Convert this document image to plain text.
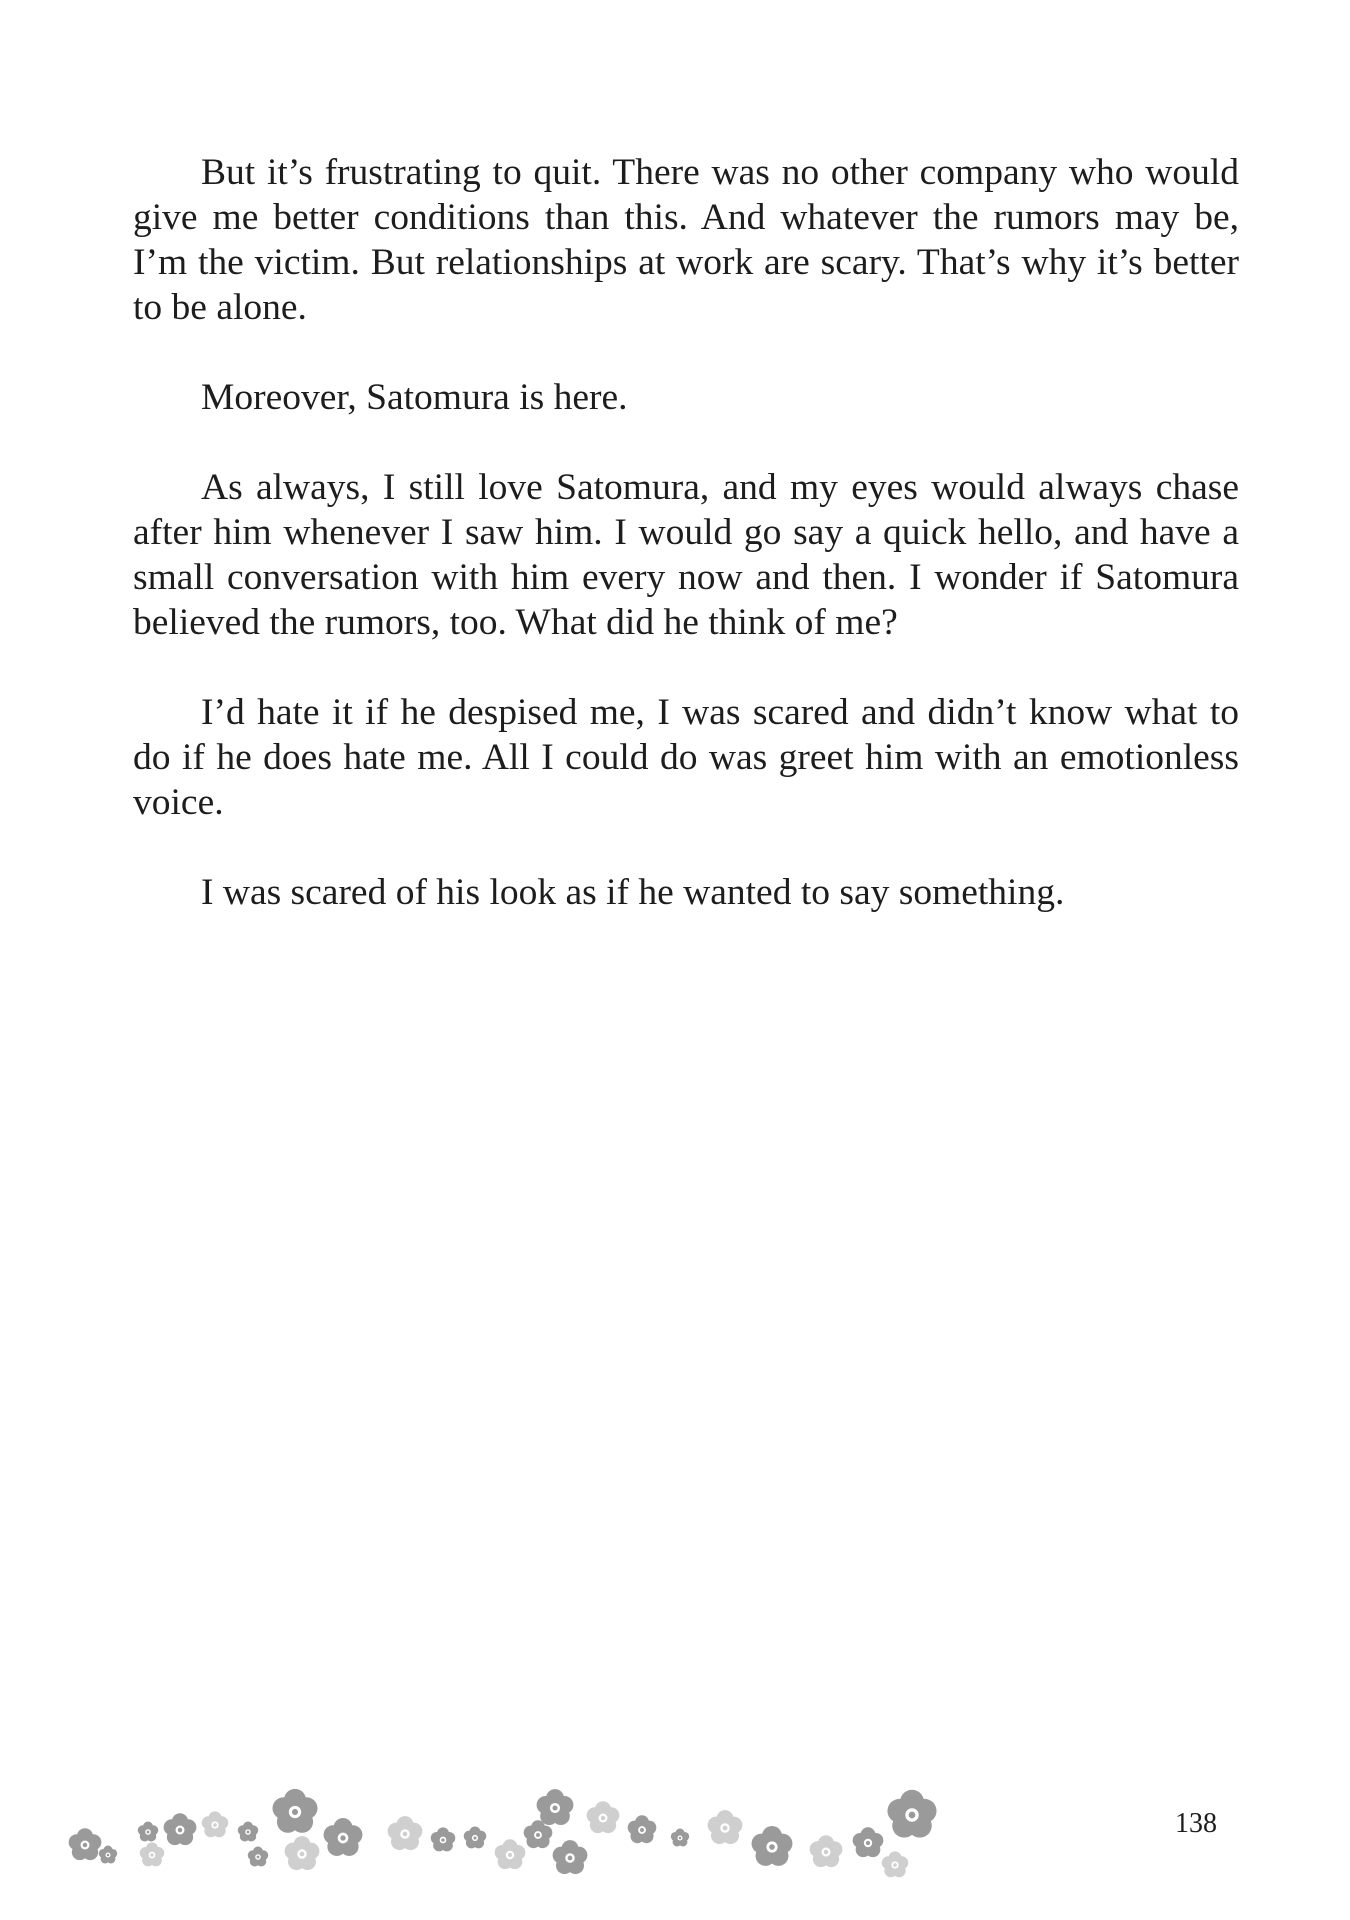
But it’s frustrating to quit. There was no other company who would give me better conditions than this. And whatever the rumors may be, I’m the victim. But relationships at work are scary. That’s why it’s better to be alone.

Moreover, Satomura is here.

As always, I still love Satomura, and my eyes would always chase after him whenever I saw him. I would go say a quick hello, and have a small conversation with him every now and then. I wonder if Satomura believed the rumors, too. What did he think of me?

I’d hate it if he despised me, I was scared and didn’t know what to do if he does hate me. All I could do was greet him with an emotionless voice.

I was scared of his look as if he wanted to say something.

138
